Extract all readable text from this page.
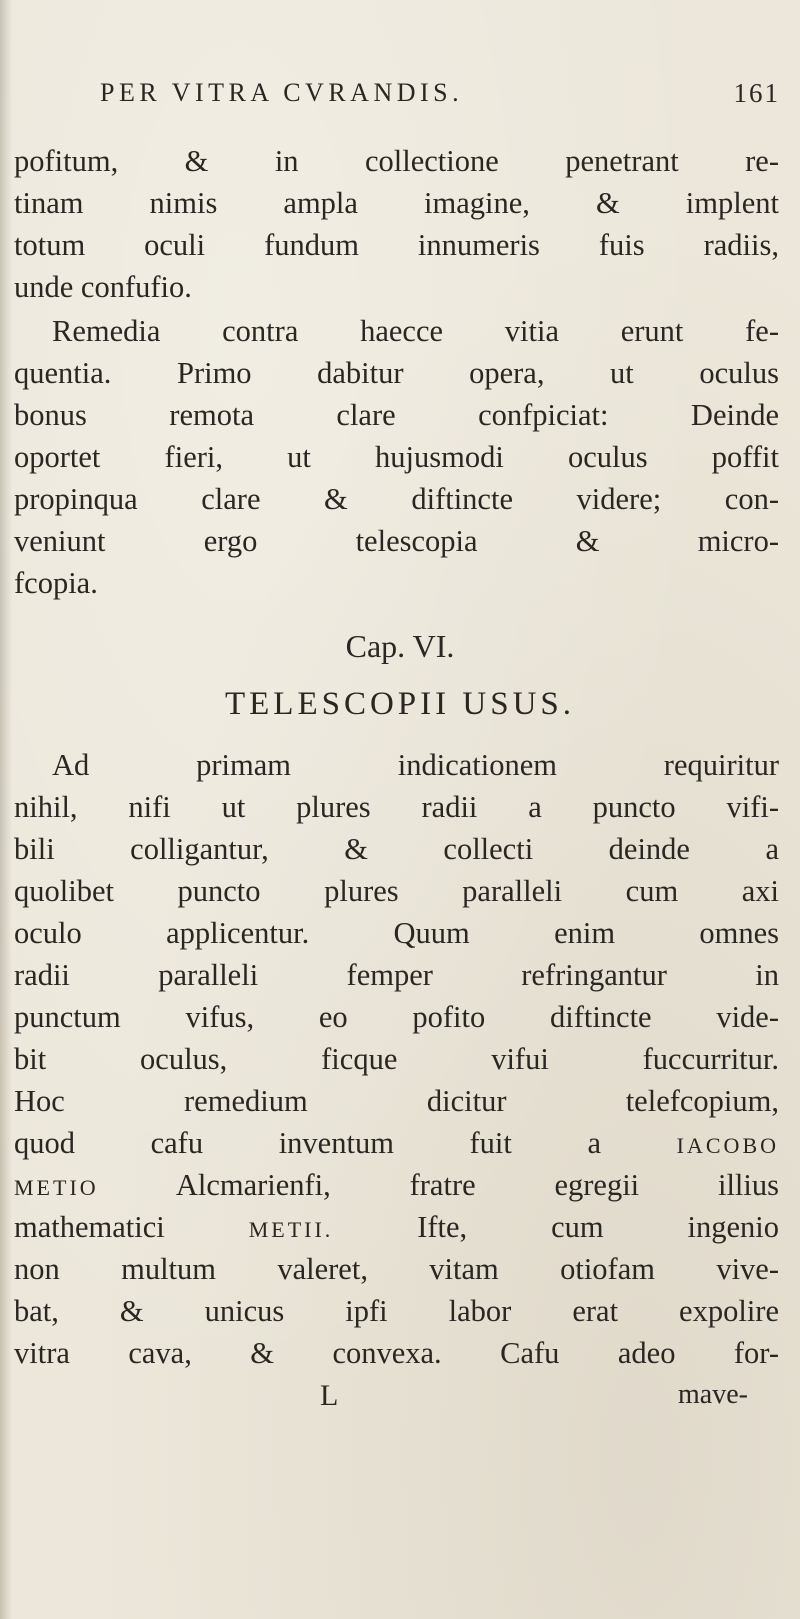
PER VITRA CVRANDIS.	161
pofitum, & in collectione penetrant re-
tinam nimis ampla imagine, & implent
totum oculi fundum innumeris fuis radiis,
unde confufio.
Remedia contra haecce vitia erunt fe-
quentia. Primo dabitur opera, ut oculus
bonus remota clare confpiciat: Deinde
oportet fieri, ut hujusmodi oculus poffit
propinqua clare & diftincte videre; con-
veniunt ergo telescopia & micro-
fcopia.
Cap. VI.
TELESCOPII USUS.
Ad primam indicationem requiritur
nihil, nifi ut plures radii a puncto vifi-
bili colligantur, & collecti deinde a
quolibet puncto plures paralleli cum axi
oculo applicentur. Quum enim omnes
radii paralleli femper refringantur in
punctum vifus, eo pofito diftincte vide-
bit oculus, ficque vifui fuccurritur.
Hoc remedium dicitur telefcopium,
quod cafu inventum fuit a	IACOBO
METIO	Alcmarienfi, fratre egregii illius
mathematici	METII.	Ifte, cum ingenio
non multum valeret, vitam otiofam vive-
bat, & unicus ipfi labor erat expolire
vitra cava, & convexa. Cafu adeo for-
L	mave-
